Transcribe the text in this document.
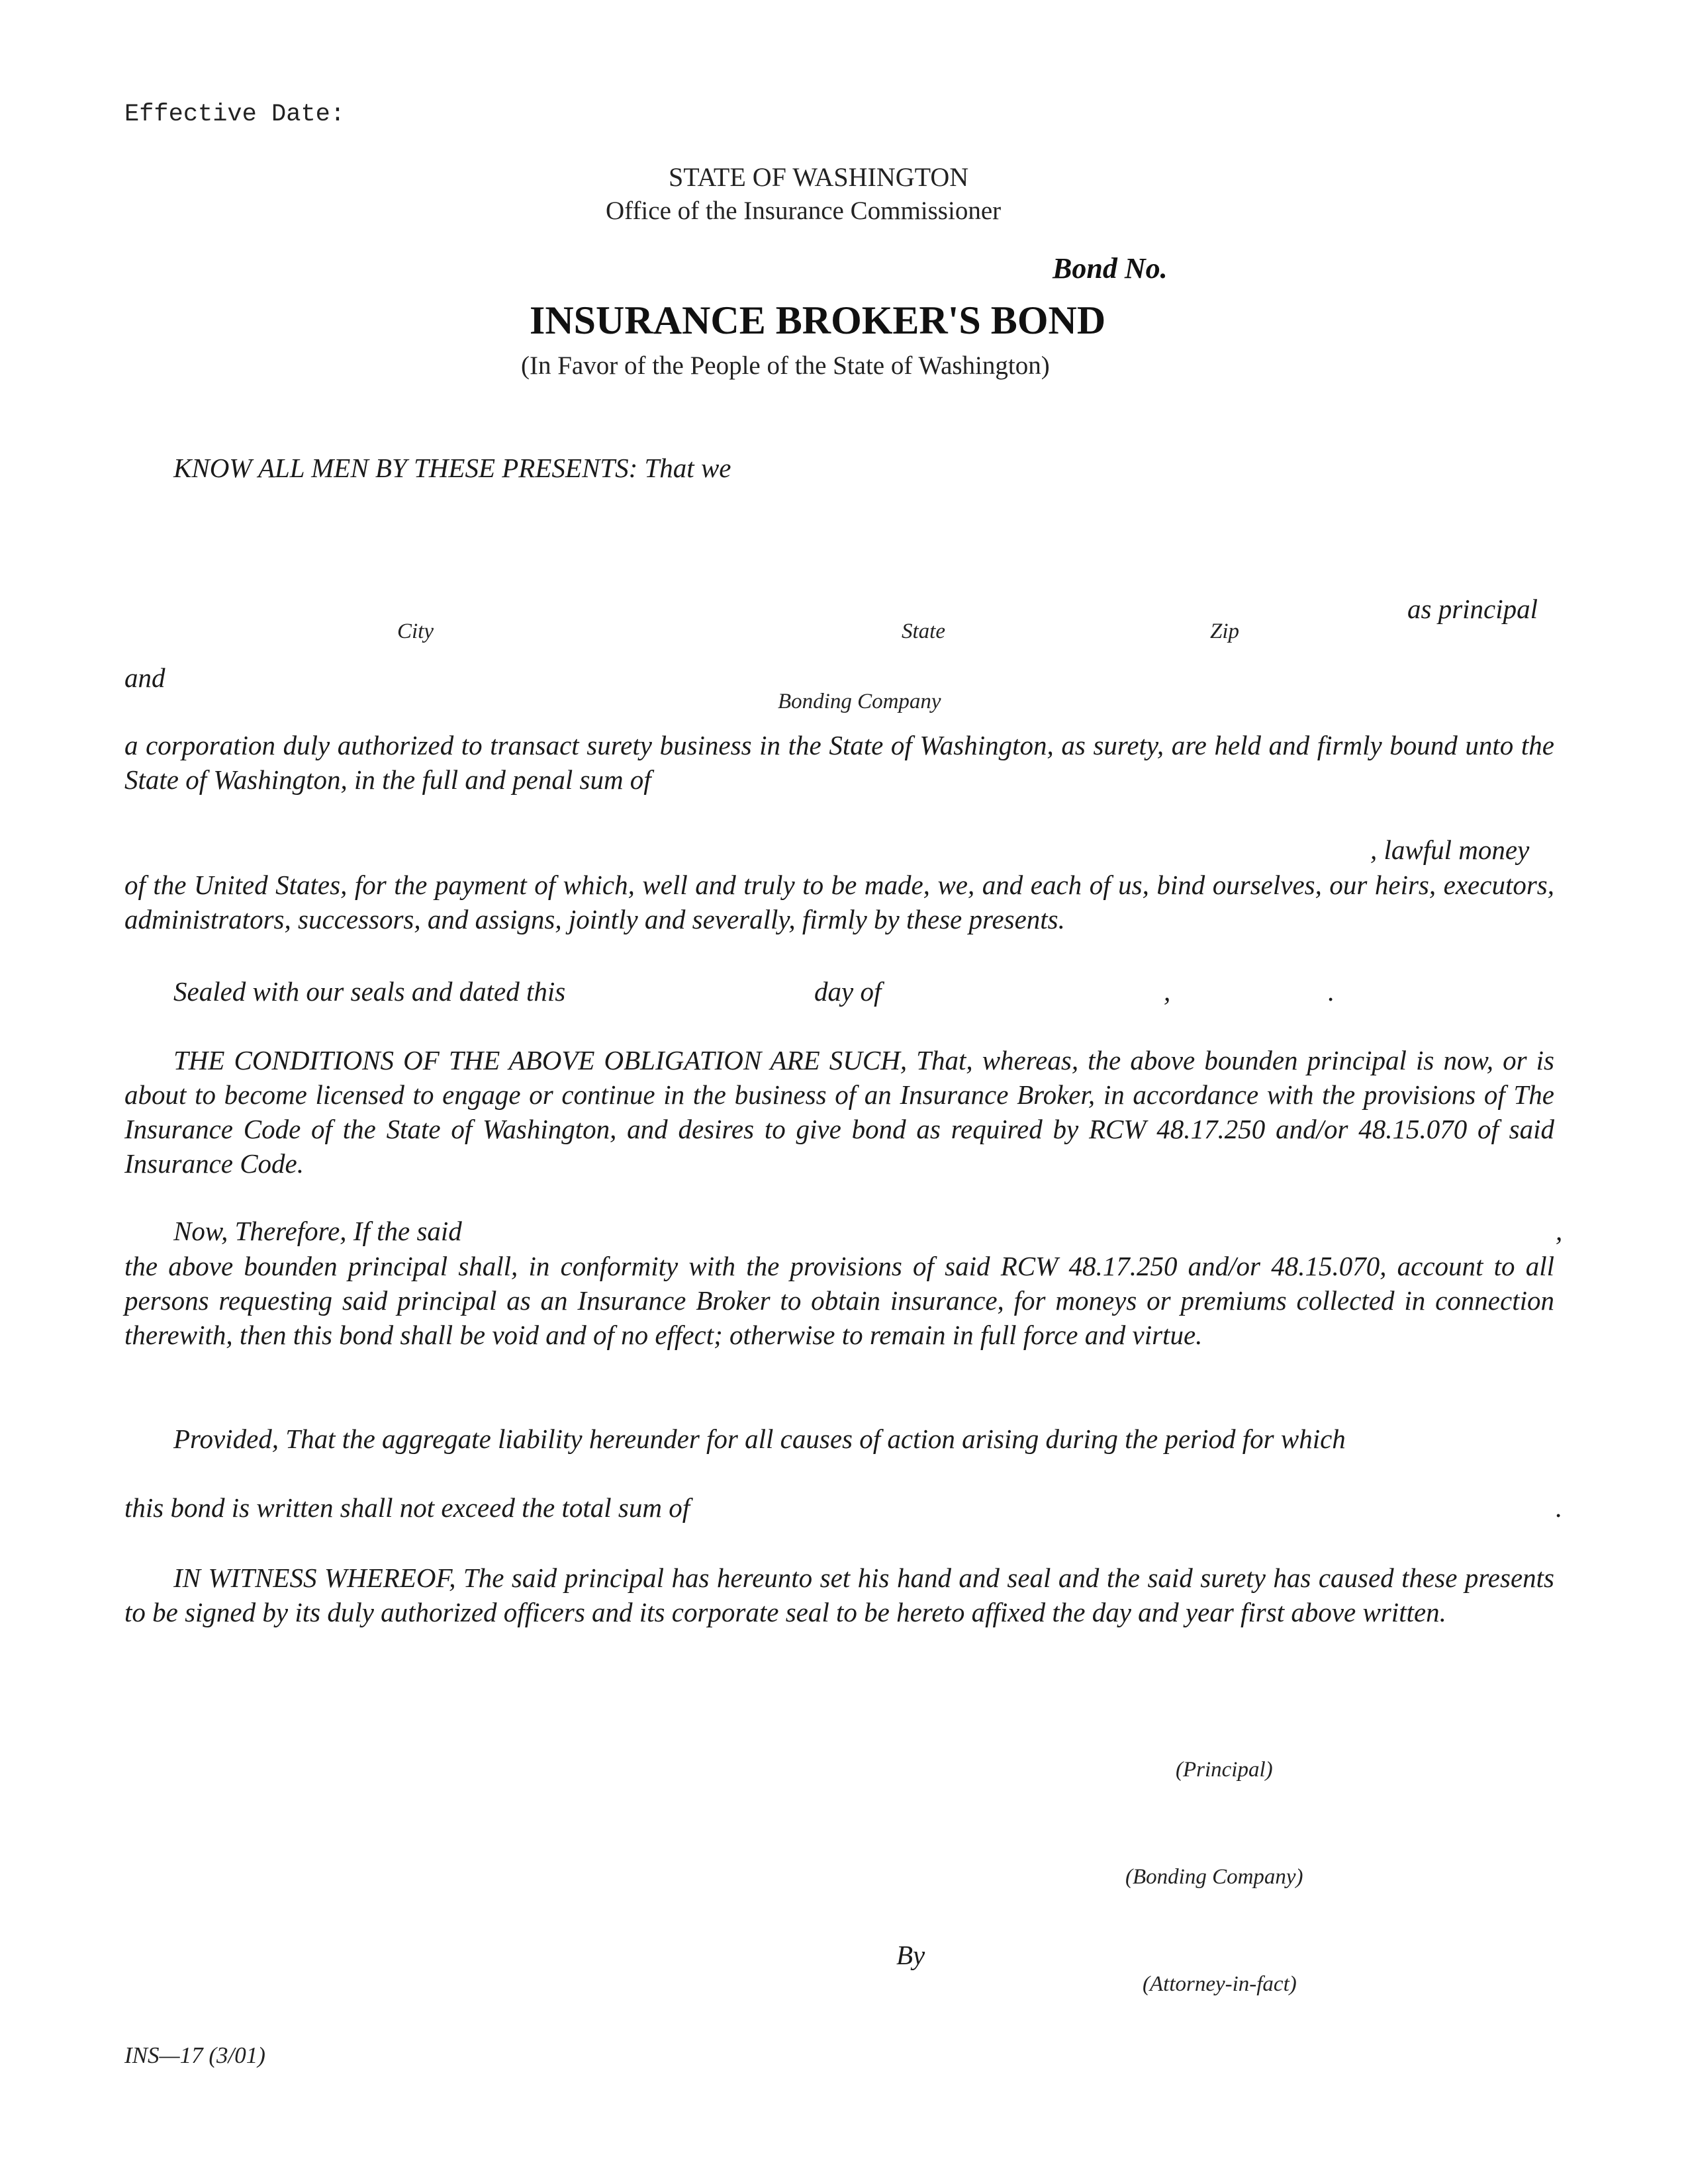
Effective Date:
STATE OF WASHINGTON
Office of the Insurance Commissioner
Bond No.
INSURANCE BROKER'S BOND
(In Favor of the People of the State of Washington)
KNOW ALL MEN BY THESE PRESENTS: That we
as principal
City	State	Zip
and
Bonding Company
a corporation duly authorized to transact surety business in the State of Washington, as surety, are held and firmly bound unto the State of Washington, in the full and penal sum of
, lawful money
of the United States, for the payment of which, well and truly to be made, we, and each of us, bind ourselves, our heirs, executors, administrators, successors, and assigns, jointly and severally, firmly by these presents.
Sealed with our seals and dated this	day of	,	.
THE CONDITIONS OF THE ABOVE OBLIGATION ARE SUCH, That, whereas, the above bounden principal is now, or is about to become licensed to engage or continue in the business of an Insurance Broker, in accordance with the provisions of The Insurance Code of the State of Washington, and desires to give bond as required by RCW 48.17.250 and/or 48.15.070 of said Insurance Code.
Now, Therefore, If the said	,
the above bounden principal shall, in conformity with the provisions of said RCW 48.17.250 and/or 48.15.070, account to all persons requesting said principal as an Insurance Broker to obtain insurance, for moneys or premiums collected in connection therewith, then this bond shall be void and of no effect; otherwise to remain in full force and virtue.
Provided, That the aggregate liability hereunder for all causes of action arising during the period for which
this bond is written shall not exceed the total sum of	.
IN WITNESS WHEREOF, The said principal has hereunto set his hand and seal and the said surety has caused these presents to be signed by its duly authorized officers and its corporate seal to be hereto affixed the day and year first above written.
(Principal)
(Bonding Company)
By
(Attorney-in-fact)
INS—17 (3/01)
